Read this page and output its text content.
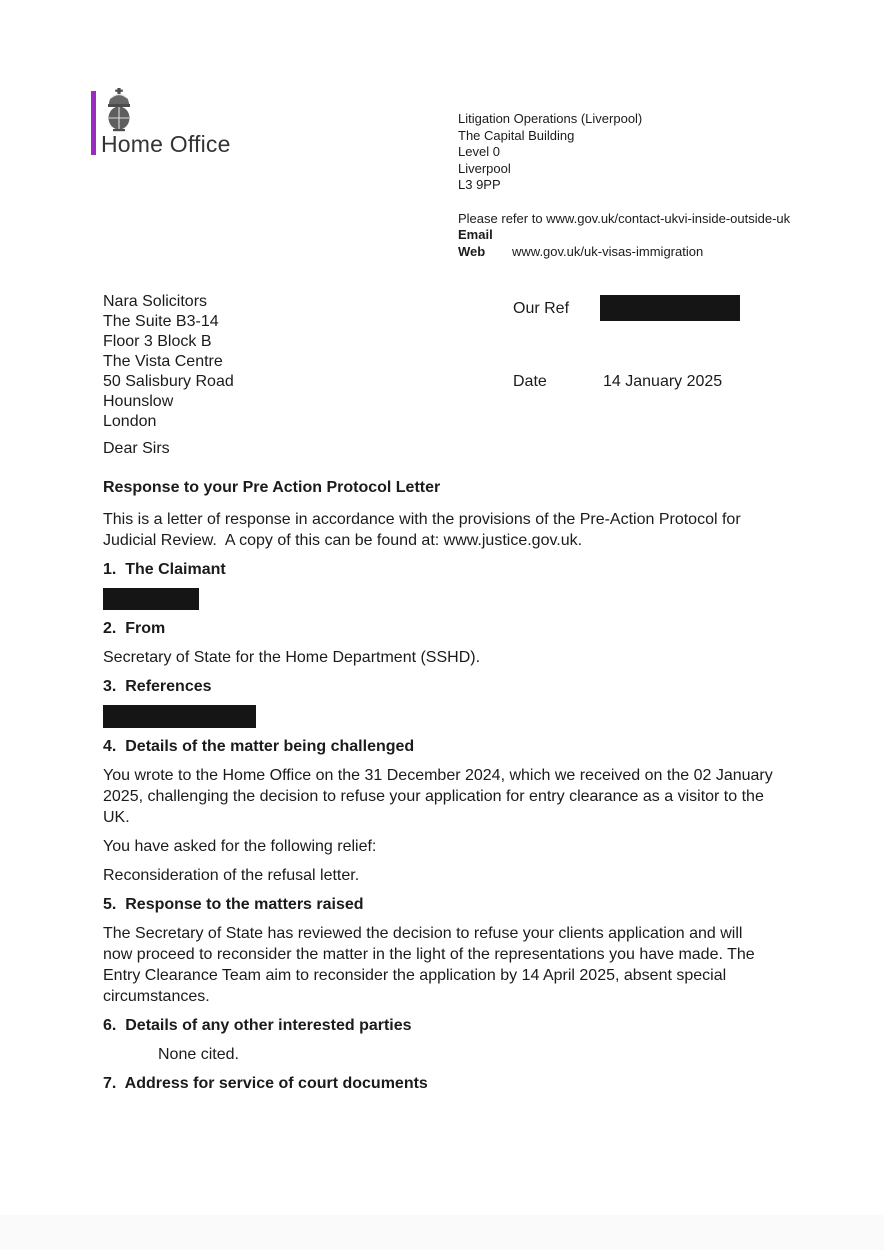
Home Office
Litigation Operations (Liverpool)
The Capital Building
Level 0
Liverpool
L3 9PP
Please refer to www.gov.uk/contact-ukvi-inside-outside-uk
Email
Web	www.gov.uk/uk-visas-immigration
Nara Solicitors
The Suite B3-14
Floor 3 Block B
The Vista Centre
50 Salisbury Road
Hounslow
London
Our Ref
Date	14 January 2025

Dear Sirs

Response to your Pre Action Protocol Letter

This is a letter of response in accordance with the provisions of the Pre-Action Protocol for Judicial Review.  A copy of this can be found at: www.justice.gov.uk.

1.  The Claimant
2.  From

Secretary of State for the Home Department (SSHD).

3.  References
4.  Details of the matter being challenged

You wrote to the Home Office on the 31 December 2024, which we received on the 02 January 2025, challenging the decision to refuse your application for entry clearance as a visitor to the UK.

You have asked for the following relief:

Reconsideration of the refusal letter.

5.  Response to the matters raised

The Secretary of State has reviewed the decision to refuse your clients application and will now proceed to reconsider the matter in the light of the representations you have made. The Entry Clearance Team aim to reconsider the application by 14 April 2025, absent special circumstances.

6.  Details of any other interested parties

None cited.

7.  Address for service of court documents
